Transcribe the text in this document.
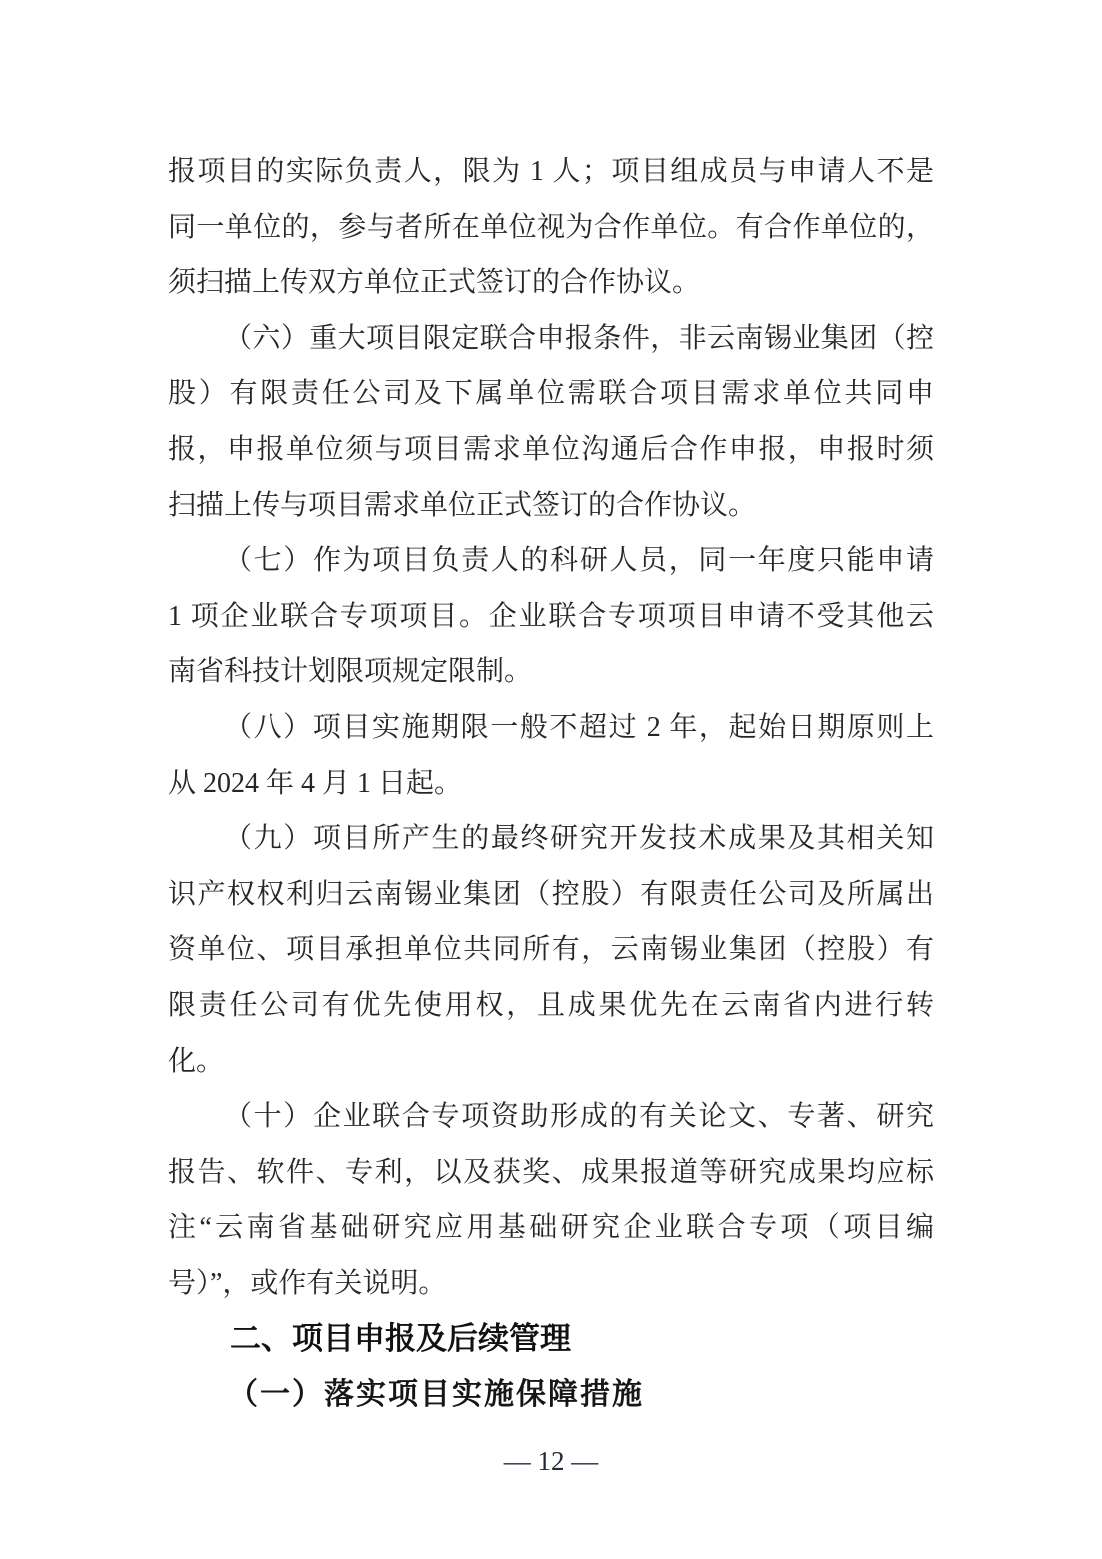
报项目的实际负责人，限为 1 人；项目组成员与申请人不是
同一单位的，参与者所在单位视为合作单位。有合作单位的，
须扫描上传双方单位正式签订的合作协议。
（六）重大项目限定联合申报条件，非云南锡业集团（控
股）有限责任公司及下属单位需联合项目需求单位共同申
报，申报单位须与项目需求单位沟通后合作申报，申报时须
扫描上传与项目需求单位正式签订的合作协议。
（七）作为项目负责人的科研人员，同一年度只能申请
1 项企业联合专项项目。企业联合专项项目申请不受其他云
南省科技计划限项规定限制。
（八）项目实施期限一般不超过 2 年，起始日期原则上
从 2024 年 4 月 1 日起。
（九）项目所产生的最终研究开发技术成果及其相关知
识产权权利归云南锡业集团（控股）有限责任公司及所属出
资单位、项目承担单位共同所有，云南锡业集团（控股）有
限责任公司有优先使用权，且成果优先在云南省内进行转
化。
（十）企业联合专项资助形成的有关论文、专著、研究
报告、软件、专利，以及获奖、成果报道等研究成果均应标
注“云南省基础研究应用基础研究企业联合专项（项目编
号）”，或作有关说明。
二、项目申报及后续管理
（一）落实项目实施保障措施
— 12 —
